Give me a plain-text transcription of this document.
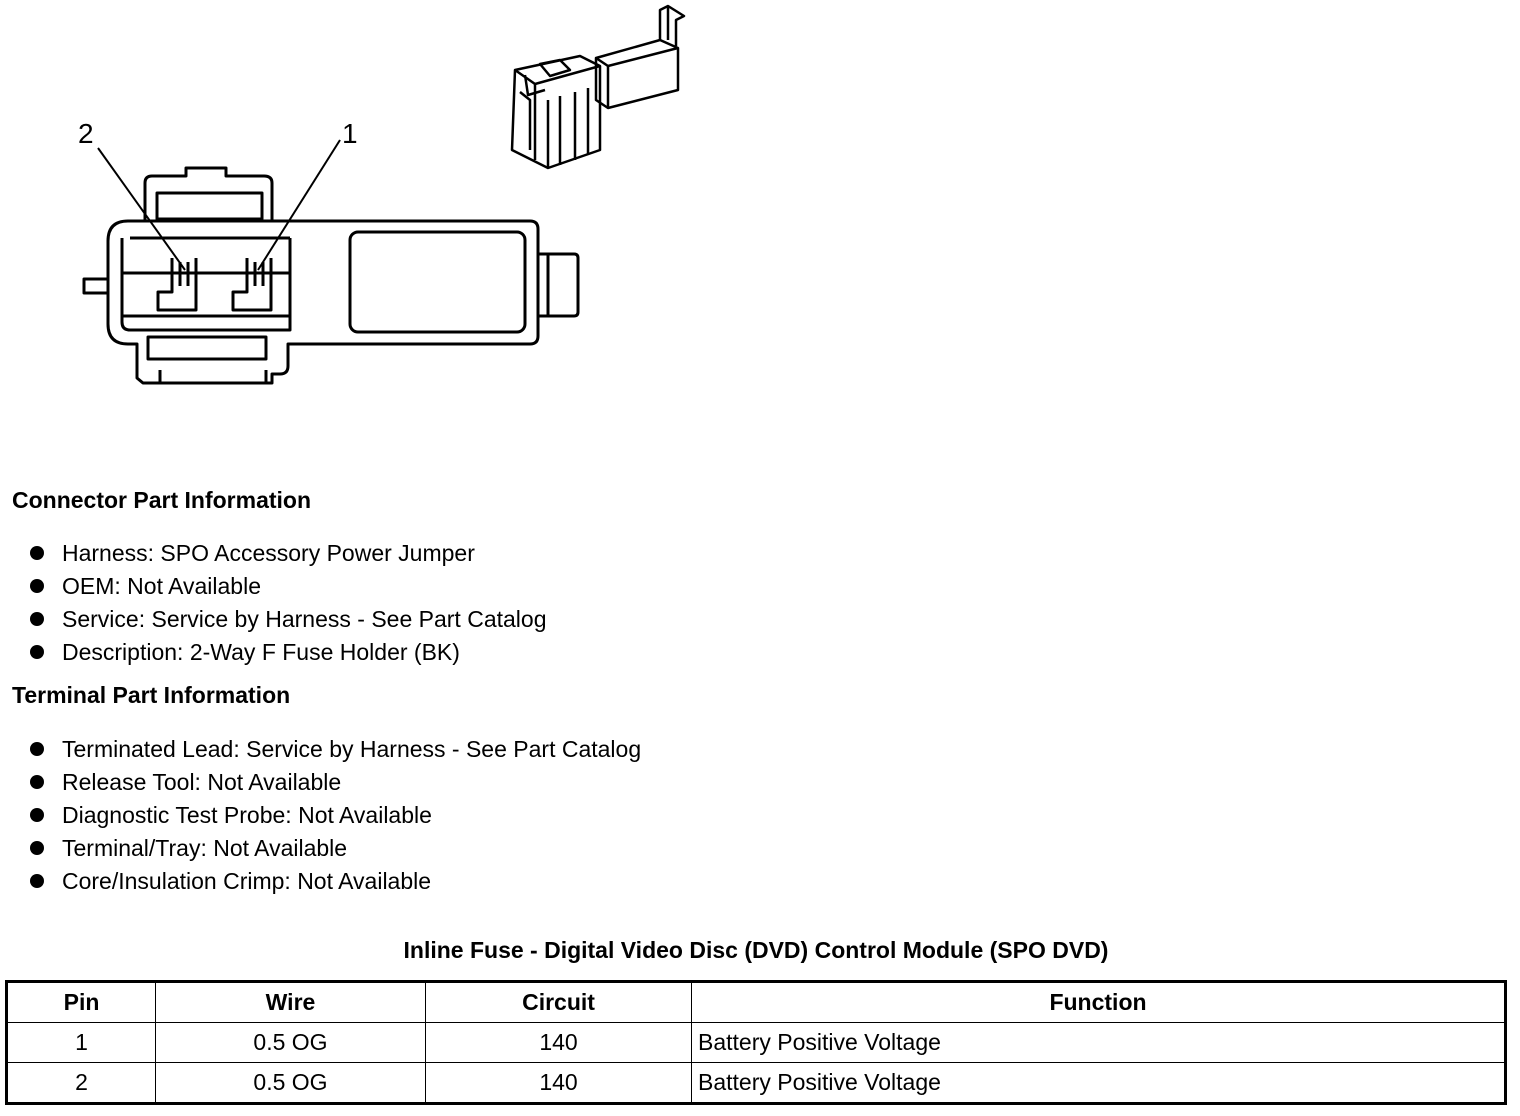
2	1
Connector Part Information
Harness: SPO Accessory Power Jumper
OEM: Not Available
Service: Service by Harness - See Part Catalog
Description: 2-Way F Fuse Holder (BK)
Terminal Part Information
Terminated Lead: Service by Harness - See Part Catalog
Release Tool: Not Available
Diagnostic Test Probe: Not Available
Terminal/Tray: Not Available
Core/Insulation Crimp: Not Available
Inline Fuse - Digital Video Disc (DVD) Control Module (SPO DVD)
Pin	Wire	Circuit	Function
1	0.5 OG	140	Battery Positive Voltage
2	0.5 OG	140	Battery Positive Voltage
